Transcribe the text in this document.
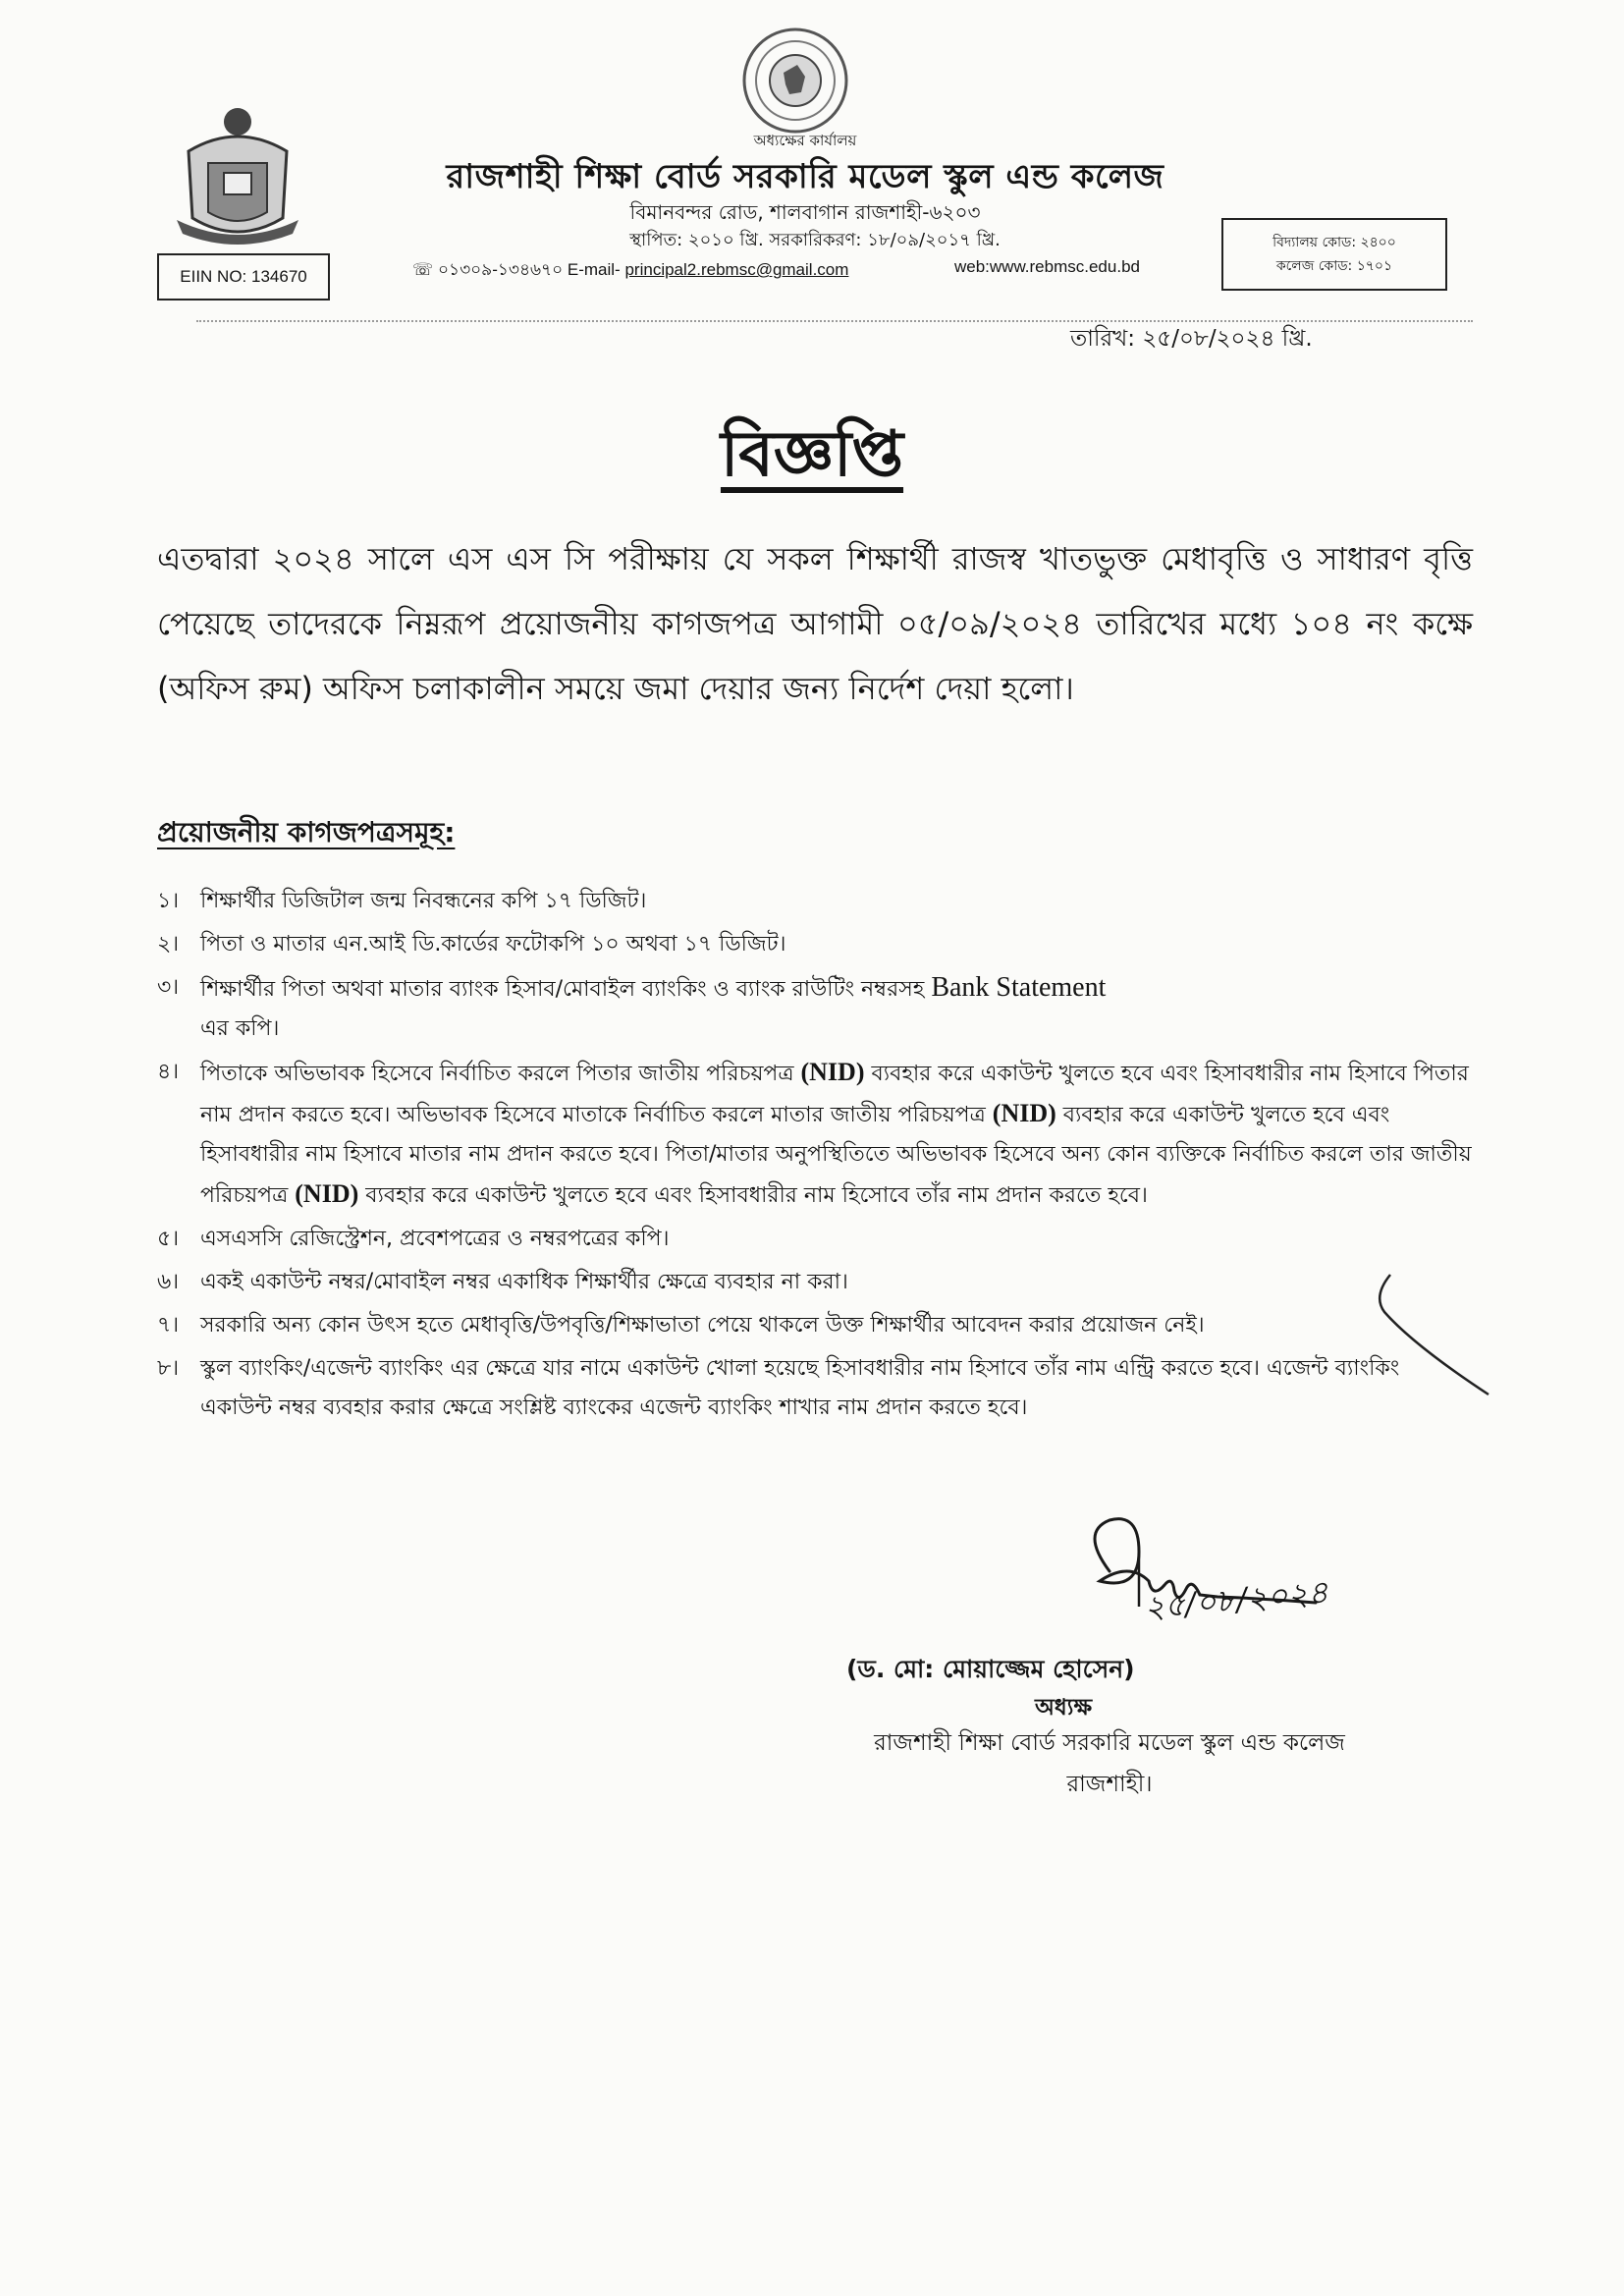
EIIN NO: 134670
অধ্যক্ষের কার্যালয়
রাজশাহী শিক্ষা বোর্ড সরকারি মডেল স্কুল এন্ড কলেজ
বিমানবন্দর রোড, শালবাগান রাজশাহী-৬২০৩
স্থাপিত: ২০১০ খ্রি. সরকারিকরণ: ১৮/০৯/২০১৭ খ্রি.
☏ ০১৩০৯-১৩৪৬৭০ E-mail- principal2.rebmsc@gmail.com	web:www.rebmsc.edu.bd
বিদ্যালয় কোড: ২৪০০
কলেজ কোড: ১৭০১
তারিখ: ২৫/০৮/২০২৪ খ্রি.
বিজ্ঞপ্তি
এতদ্বারা ২০২৪ সালে এস এস সি পরীক্ষায় যে সকল শিক্ষার্থী রাজস্ব খাতভুক্ত মেধাবৃত্তি ও সাধারণ বৃত্তি পেয়েছে তাদেরকে নিম্নরূপ প্রয়োজনীয় কাগজপত্র আগামী ০৫/০৯/২০২৪ তারিখের মধ্যে ১০৪ নং কক্ষে (অফিস রুম) অফিস চলাকালীন সময়ে জমা দেয়ার জন্য নির্দেশ দেয়া হলো।
প্রয়োজনীয় কাগজপত্রসমূহ:
১। শিক্ষার্থীর ডিজিটাল জন্ম নিবন্ধনের কপি ১৭ ডিজিট।
২। পিতা ও মাতার এন.আই ডি.কার্ডের ফটোকপি ১০ অথবা ১৭ ডিজিট।
৩। শিক্ষার্থীর পিতা অথবা মাতার ব্যাংক হিসাব/মোবাইল ব্যাংকিং ও ব্যাংক রাউটিং নম্বরসহ Bank Statement
এর কপি।
৪। পিতাকে অভিভাবক হিসেবে নির্বাচিত করলে পিতার জাতীয় পরিচয়পত্র (NID) ব্যবহার করে একাউন্ট খুলতে হবে এবং হিসাবধারীর নাম হিসাবে পিতার নাম প্রদান করতে হবে। অভিভাবক হিসেবে মাতাকে নির্বাচিত করলে মাতার জাতীয় পরিচয়পত্র (NID) ব্যবহার করে একাউন্ট খুলতে হবে এবং হিসাবধারীর নাম হিসাবে মাতার নাম প্রদান করতে হবে। পিতা/মাতার অনুপস্থিতিতে অভিভাবক হিসেবে অন্য কোন ব্যক্তিকে নির্বাচিত করলে তার জাতীয় পরিচয়পত্র (NID) ব্যবহার করে একাউন্ট খুলতে হবে এবং হিসাবধারীর নাম হিসোবে তাঁর নাম প্রদান করতে হবে।
৫। এসএসসি রেজিস্ট্রেশন, প্রবেশপত্রের ও নম্বরপত্রের কপি।
৬। একই একাউন্ট নম্বর/মোবাইল নম্বর একাধিক শিক্ষার্থীর ক্ষেত্রে ব্যবহার না করা।
৭। সরকারি অন্য কোন উৎস হতে মেধাবৃত্তি/উপবৃত্তি/শিক্ষাভাতা পেয়ে থাকলে উক্ত শিক্ষার্থীর আবেদন করার প্রয়োজন নেই।
৮। স্কুল ব্যাংকিং/এজেন্ট ব্যাংকিং এর ক্ষেত্রে যার নামে একাউন্ট খোলা হয়েছে হিসাবধারীর নাম হিসাবে তাঁর নাম এন্ট্রি করতে হবে। এজেন্ট ব্যাংকিং একাউন্ট নম্বর ব্যবহার করার ক্ষেত্রে সংশ্লিষ্ট ব্যাংকের এজেন্ট ব্যাংকিং শাখার নাম প্রদান করতে হবে।
২৫/০৮/২০২৪
(ড. মো: মোয়াজ্জেম হোসেন)
অধ্যক্ষ
রাজশাহী শিক্ষা বোর্ড সরকারি মডেল স্কুল এন্ড কলেজ
রাজশাহী।
